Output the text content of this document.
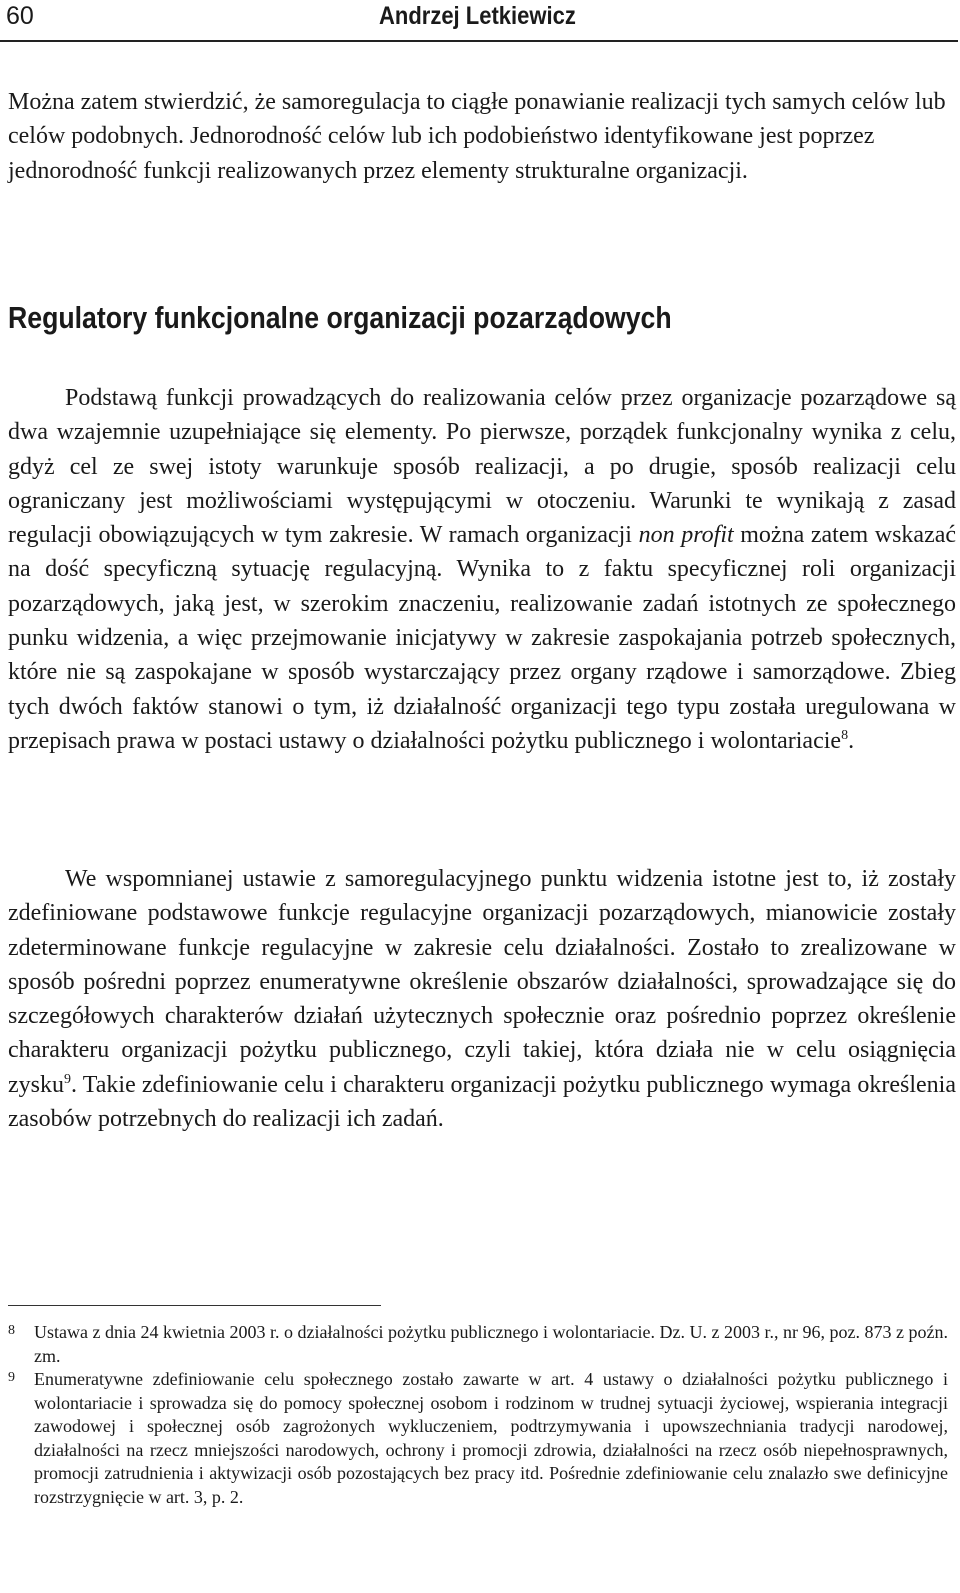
60	Andrzej Letkiewicz

Można zatem stwierdzić, że samoregulacja to ciągłe ponawianie realizacji tych samych celów lub celów podobnych. Jednorodność celów lub ich podobieństwo identyfikowane jest poprzez jednorodność funkcji realizowanych przez elementy strukturalne organizacji.

Regulatory funkcjonalne organizacji pozarządowych

Podstawą funkcji prowadzących do realizowania celów przez organizacje pozarządowe są dwa wzajemnie uzupełniające się elementy. Po pierwsze, porządek funkcjonalny wynika z celu, gdyż cel ze swej istoty warunkuje sposób realizacji, a po drugie, sposób realizacji celu ograniczany jest możliwościami występującymi w otoczeniu. Warunki te wynikają z zasad regulacji obowiązujących w tym zakresie. W ramach organizacji non profit można zatem wskazać na dość specyficzną sytuację regulacyjną. Wynika to z faktu specyficznej roli organizacji pozarządowych, jaką jest, w szerokim znaczeniu, realizowanie zadań istotnych ze społecznego punku widzenia, a więc przejmowanie inicjatywy w zakresie zaspokajania potrzeb społecznych, które nie są zaspokajane w sposób wystarczający przez organy rządowe i samorządowe. Zbieg tych dwóch faktów stanowi o tym, iż działalność organizacji tego typu została uregulowana w przepisach prawa w postaci ustawy o działalności pożytku publicznego i wolontariacie$^8$.

We wspomnianej ustawie z samoregulacyjnego punktu widzenia istotne jest to, iż zostały zdefiniowane podstawowe funkcje regulacyjne organizacji pozarządowych, mianowicie zostały zdeterminowane funkcje regulacyjne w zakresie celu działalności. Zostało to zrealizowane w sposób pośredni poprzez enumeratywne określenie obszarów działalności, sprowadzające się do szczegółowych charakterów działań użytecznych społecznie oraz pośrednio poprzez określenie charakteru organizacji pożytku publicznego, czyli takiej, która działa nie w celu osiągnięcia zysku$^9$. Takie zdefiniowanie celu i charakteru organizacji pożytku publicznego wymaga określenia zasobów potrzebnych do realizacji ich zadań.

8 Ustawa z dnia 24 kwietnia 2003 r. o działalności pożytku publicznego i wolontariacie. Dz. U. z 2003 r., nr 96, poz. 873 z poźn. zm.
9 Enumeratywne zdefiniowanie celu społecznego zostało zawarte w art. 4 ustawy o działalności pożytku publicznego i wolontariacie i sprowadza się do pomocy społecznej osobom i rodzinom w trudnej sytuacji życiowej, wspierania integracji zawodowej i społecznej osób zagrożonych wykluczeniem, podtrzymywania i upowszechniania tradycji narodowej, działalności na rzecz mniejszości narodowych, ochrony i promocji zdrowia, działalności na rzecz osób niepełnosprawnych, promocji zatrudnienia i aktywizacji osób pozostających bez pracy itd. Pośrednie zdefiniowanie celu znalazło swe definicyjne rozstrzygnięcie w art. 3, p. 2.
